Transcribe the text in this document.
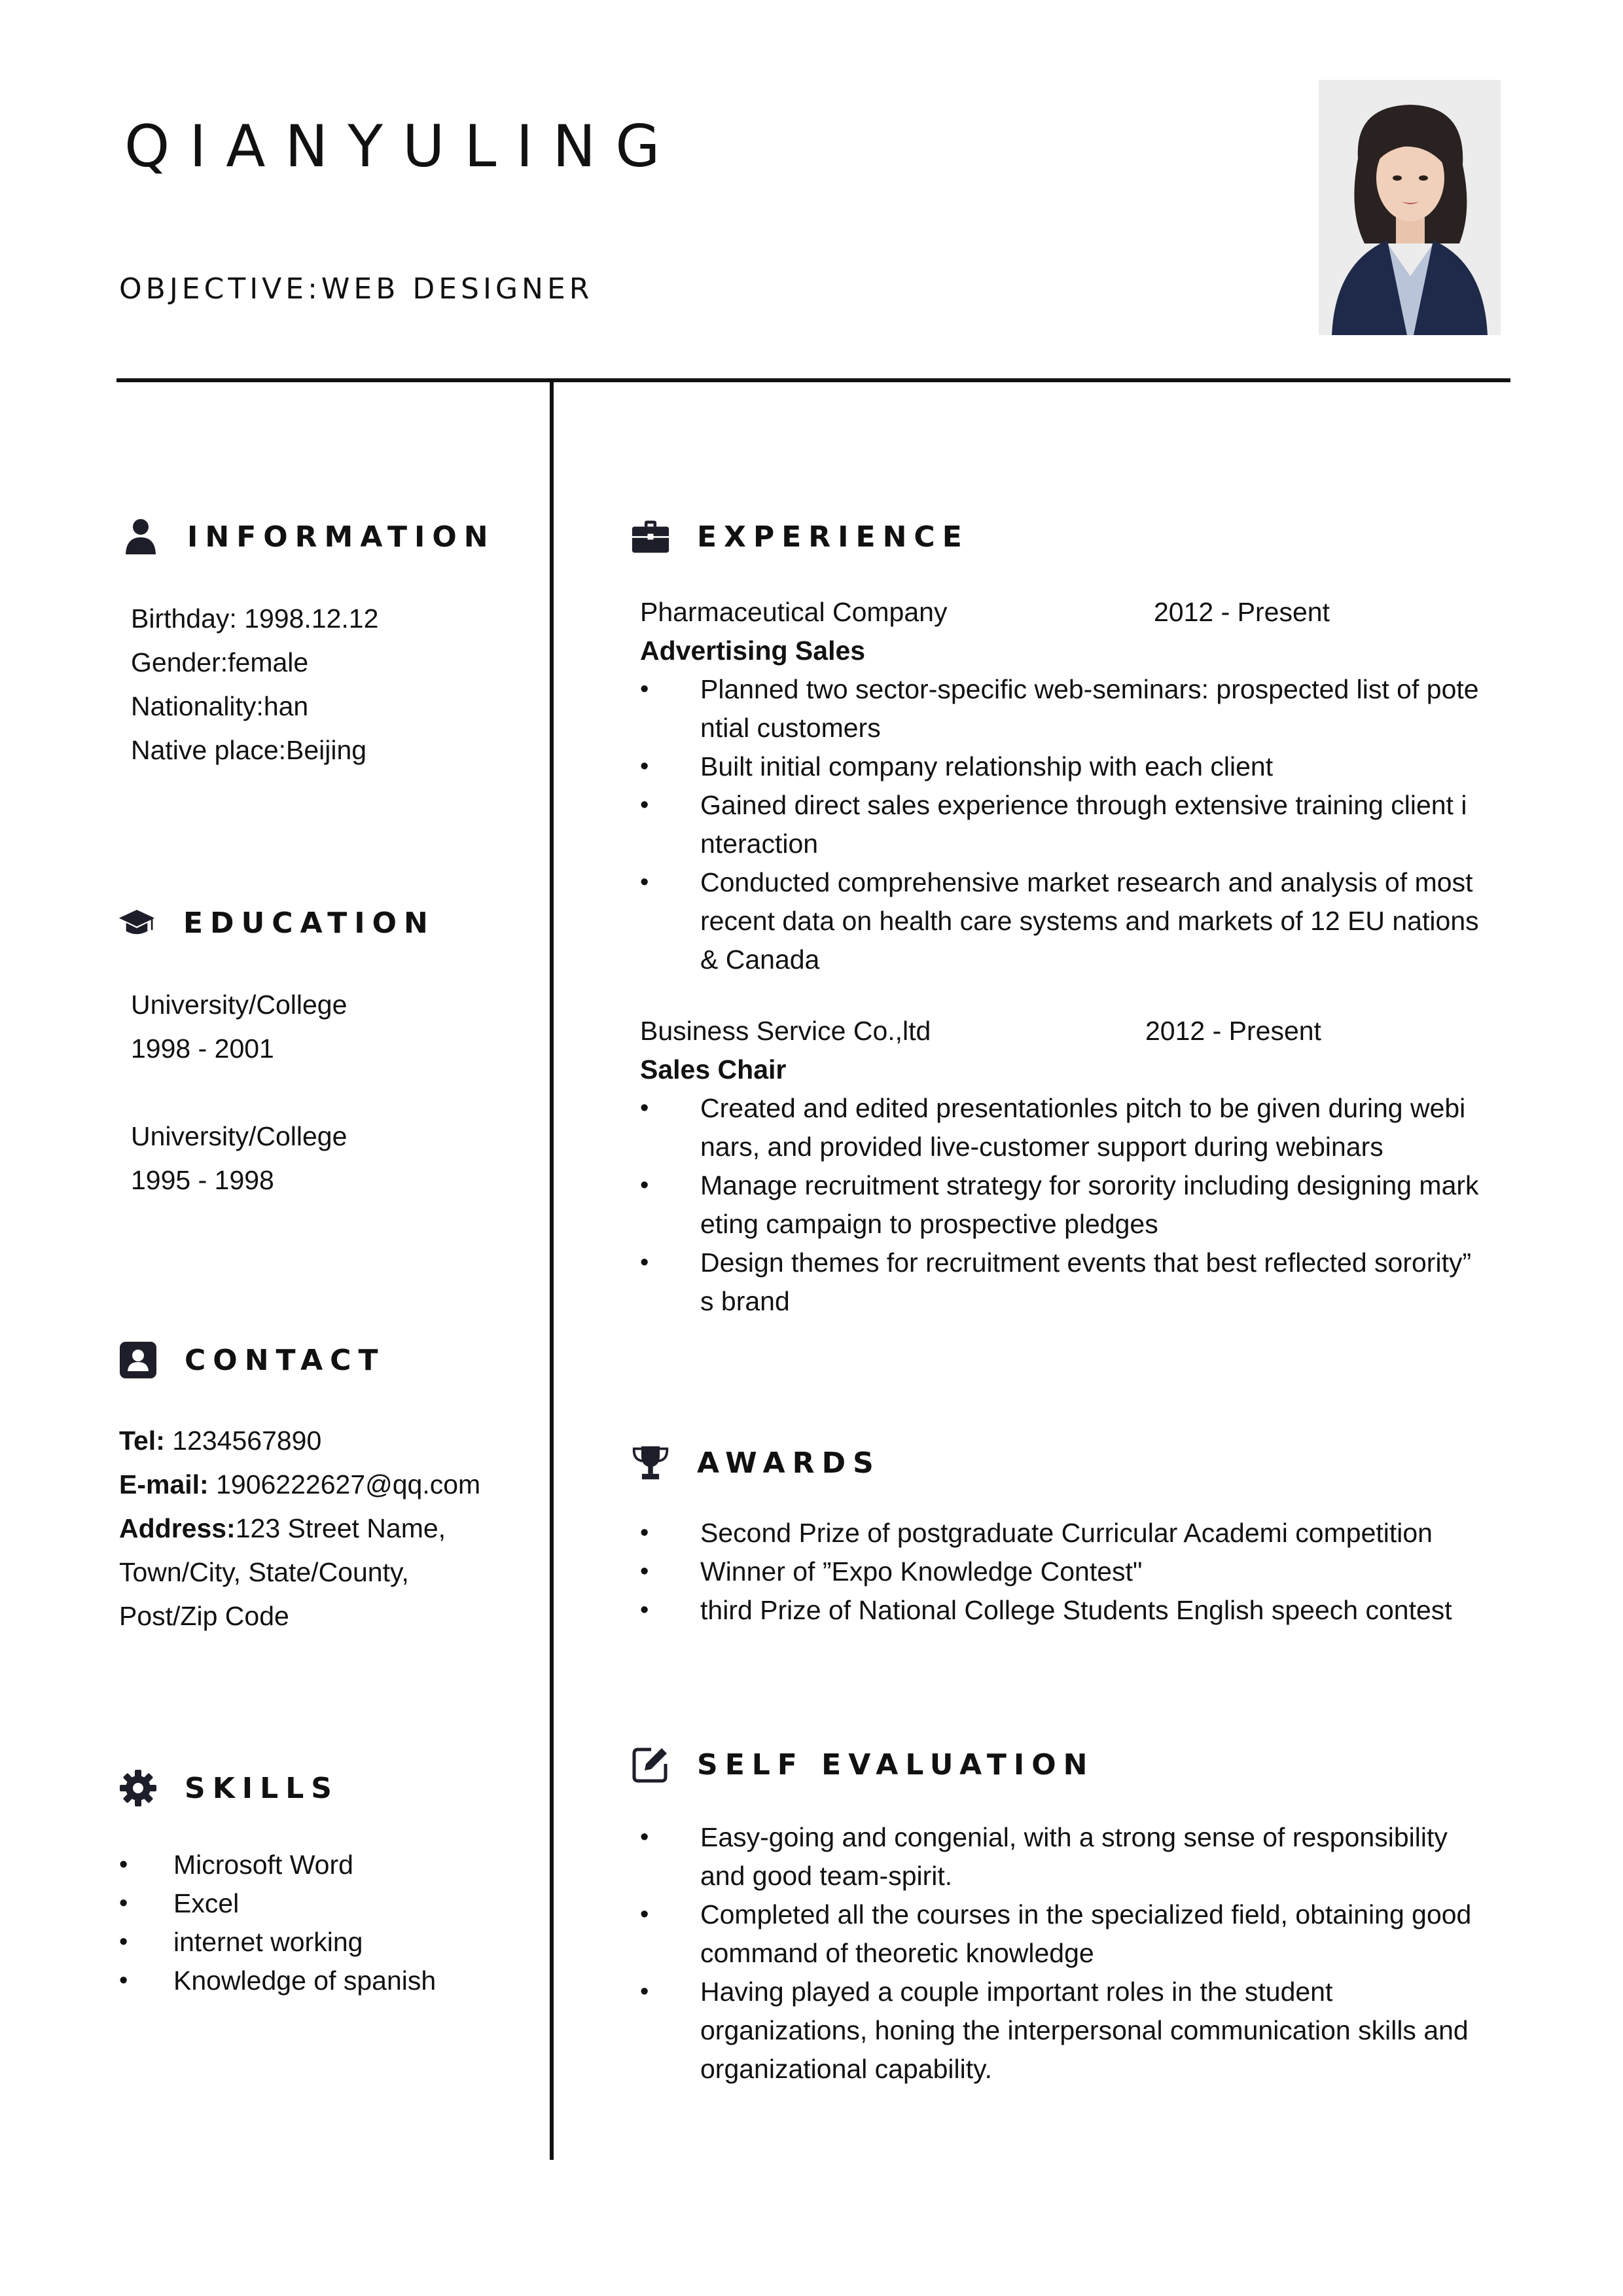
QIANYULING
OBJECTIVE:WEB DESIGNER
INFORMATION
Birthday: 1998.12.12
Gender:female
Nationality:han
Native place:Beijing
EDUCATION
University/College
1998 - 2001
University/College
1995 - 1998
CONTACT
Tel: 1234567890
E-mail: 1906222627@qq.com
Address:123 Street Name,
Town/City, State/County,
Post/Zip Code
SKILLS
• Microsoft Word
• Excel
• internet working
• Knowledge of spanish
EXPERIENCE
Pharmaceutical Company	2012 - Present
Advertising Sales
• Planned two sector-specific web-seminars: prospected list of pote
ntial customers
• Built initial company relationship with each client
• Gained direct sales experience through extensive training client i
nteraction
• Conducted comprehensive market research and analysis of most
recent data on health care systems and markets of 12 EU nations
& Canada
Business Service Co.,ltd	2012 - Present
Sales Chair
• Created and edited presentationles pitch to be given during webi
nars, and provided live-customer support during webinars
• Manage recruitment strategy for sorority including designing mark
eting campaign to prospective pledges
• Design themes for recruitment events that best reflected sorority”
s brand
AWARDS
• Second Prize of postgraduate Curricular Academi competition
• Winner of ”Expo Knowledge Contest"
• third Prize of National College Students English speech contest
SELF EVALUATION
• Easy-going and congenial, with a strong sense of responsibility
and good team-spirit.
• Completed all the courses in the specialized field, obtaining good
command of theoretic knowledge
• Having played a couple important roles in the student
organizations, honing the interpersonal communication skills and
organizational capability.
